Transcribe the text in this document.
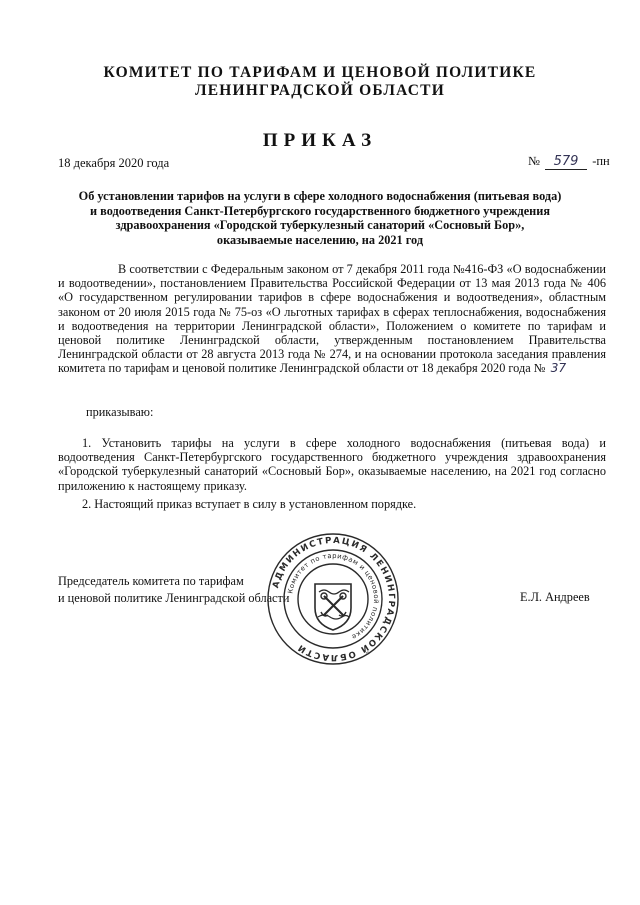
КОМИТЕТ ПО ТАРИФАМ И ЦЕНОВОЙ ПОЛИТИКЕ
ЛЕНИНГРАДСКОЙ ОБЛАСТИ
ПРИКАЗ
18 декабря 2020 года	№ 579 -пн
Об установлении тарифов на услуги в сфере холодного водоснабжения (питьевая вода)
и водоотведения Санкт-Петербургского государственного бюджетного учреждения
здравоохранения «Городской туберкулезный санаторий «Сосновый Бор»,
оказываемые населению, на 2021 год
В соответствии с Федеральным законом от 7 декабря 2011 года №416-ФЗ «О водоснабжении и водоотведении», постановлением Правительства Российской Федерации от 13 мая 2013 года № 406 «О государственном регулировании тарифов в сфере водоснабжения и водоотведения», областным законом от 20 июля 2015 года № 75-оз «О льготных тарифах в сферах теплоснабжения, водоснабжения и водоотведения на территории Ленинградской области», Положением о комитете по тарифам и ценовой политике Ленинградской области, утвержденным постановлением Правительства Ленинградской области от 28 августа 2013 года № 274, и на основании протокола заседания правления комитета по тарифам и ценовой политике Ленинградской области от 18 декабря 2020 года № 37
приказываю:
1. Установить тарифы на услуги в сфере холодного водоснабжения (питьевая вода) и водоотведения Санкт-Петербургского государственного бюджетного учреждения здравоохранения «Городской туберкулезный санаторий «Сосновый Бор», оказываемые населению, на 2021 год согласно приложению к настоящему приказу.
2. Настоящий приказ вступает в силу в установленном порядке.
Председатель комитета по тарифам
и ценовой политике Ленинградской области	Е.Л. Андреев
АДМИНИСТРАЦИЯ ЛЕНИНГРАДСКОЙ ОБЛАСТИ
Комитет по тарифам и ценовой политике
